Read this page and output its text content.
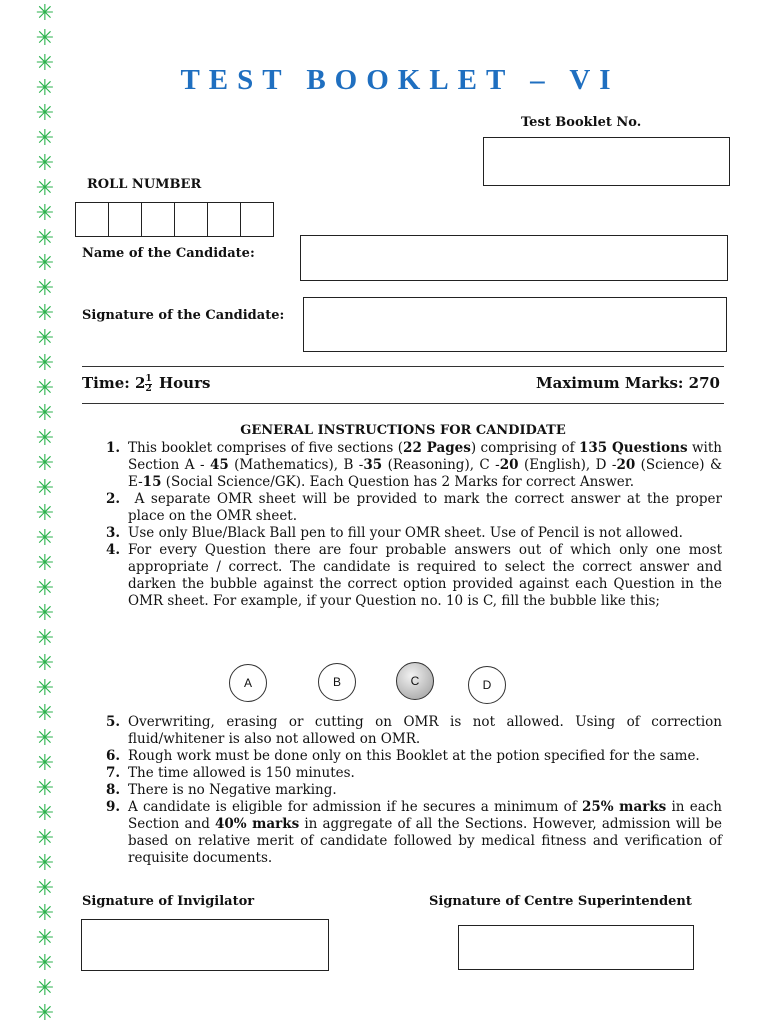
✳
✳
✳
✳
✳
✳
✳
✳
✳
✳
✳
✳
✳
✳
✳
✳
✳
✳
✳
✳
✳
✳
✳
✳
✳
✳
✳
✳
✳
✳
✳
✳
✳
✳
✳
✳
✳
✳
✳
✳
✳
TEST BOOKLET – VI
Test Booklet No.
ROLL NUMBER
Name of the Candidate:
Signature of the Candidate:
Time: $2 \frac{1}{2}$ Hours	Maximum Marks: 270
GENERAL INSTRUCTIONS FOR CANDIDATE
1. This booklet comprises of five sections (22 Pages) comprising of 135 Questions with Section A - 45 (Mathematics), B -35 (Reasoning), C -20 (English), D -20 (Science) & E-15 (Social Science/GK). Each Question has 2 Marks for correct Answer.
2. A separate OMR sheet will be provided to mark the correct answer at the proper place on the OMR sheet.
3. Use only Blue/Black Ball pen to fill your OMR sheet. Use of Pencil is not allowed.
4. For every Question there are four probable answers out of which only one most appropriate / correct. The candidate is required to select the correct answer and darken the bubble against the correct option provided against each Question in the OMR sheet. For example, if your Question no. 10 is C, fill the bubble like this;
A	B	C	D
5. Overwriting, erasing or cutting on OMR is not allowed. Using of correction fluid/whitener is also not allowed on OMR.
6. Rough work must be done only on this Booklet at the potion specified for the same.
7. The time allowed is 150 minutes.
8. There is no Negative marking.
9. A candidate is eligible for admission if he secures a minimum of 25% marks in each Section and 40% marks in aggregate of all the Sections. However, admission will be based on relative merit of candidate followed by medical fitness and verification of requisite documents.
Signature of Invigilator	Signature of Centre Superintendent
